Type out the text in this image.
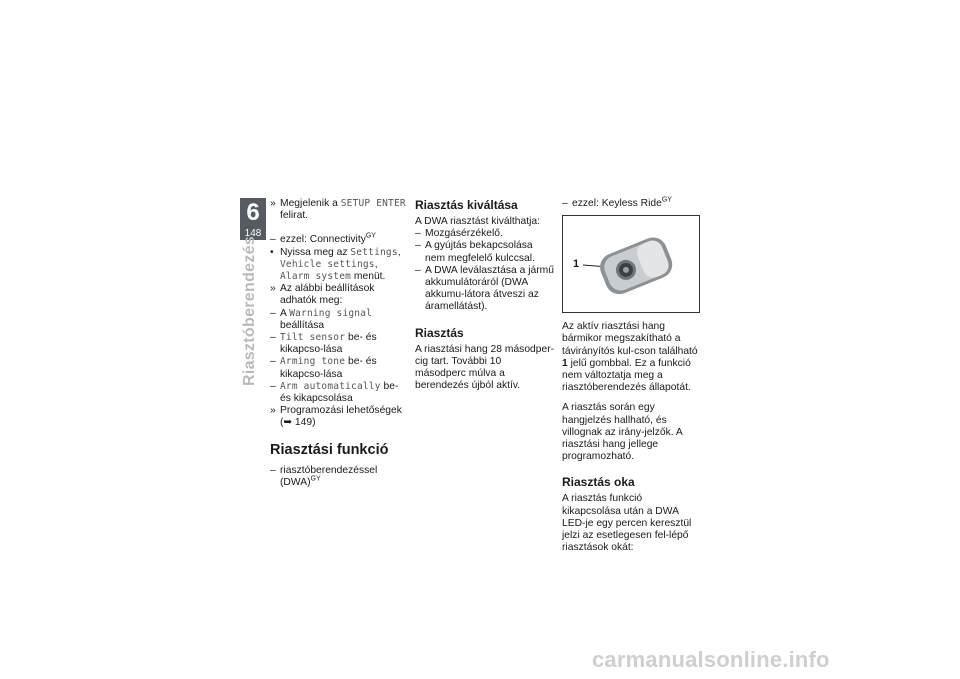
6
148
Riasztóberendezés
» Megjelenik a SETUP ENTER felirat.
– ezzel: Connectivity$^{GY}$
• Nyissa meg az Settings, Vehicle settings, Alarm system menüt.
» Az alábbi beállítások adhatók meg:
– A Warning signal beállítása
– Tilt sensor be- és kikapcso-lása
– Arming tone be- és kikapcso-lása
– Arm automatically be- és kikapcsolása
» Programozási lehetőségek
(➥ 149)
Riasztási funkció
– riasztóberendezéssel (DWA)$^{GY}$
Riasztás kiváltása

A DWA riasztást kiválthatja:

– Mozgásérzékelő.
– A gyújtás bekapcsolása nem megfelelő kulccsal.
– A DWA leválasztása a jármű akkumulátoráról (DWA akkumu-látora átveszi az áramellátást).
Riasztás

A riasztási hang 28 másodper-cig tart. További 10 másodperc múlva a berendezés újból aktív.

– ezzel: Keyless Ride$^{GY}$
1

Az aktív riasztási hang bármikor megszakítható a távirányítós kul-cson található 1 jelű gombbal. Ez a funkció nem változtatja meg a riasztóberendezés állapotát.

A riasztás során egy hangjelzés hallható, és villognak az irány-jelzők. A riasztási hang jellege programozható.

Riasztás oka

A riasztás funkció kikapcsolása után a DWA LED-je egy percen keresztül jelzi az esetlegesen fel-lépő riasztások okát:

carmanualsonline.info
